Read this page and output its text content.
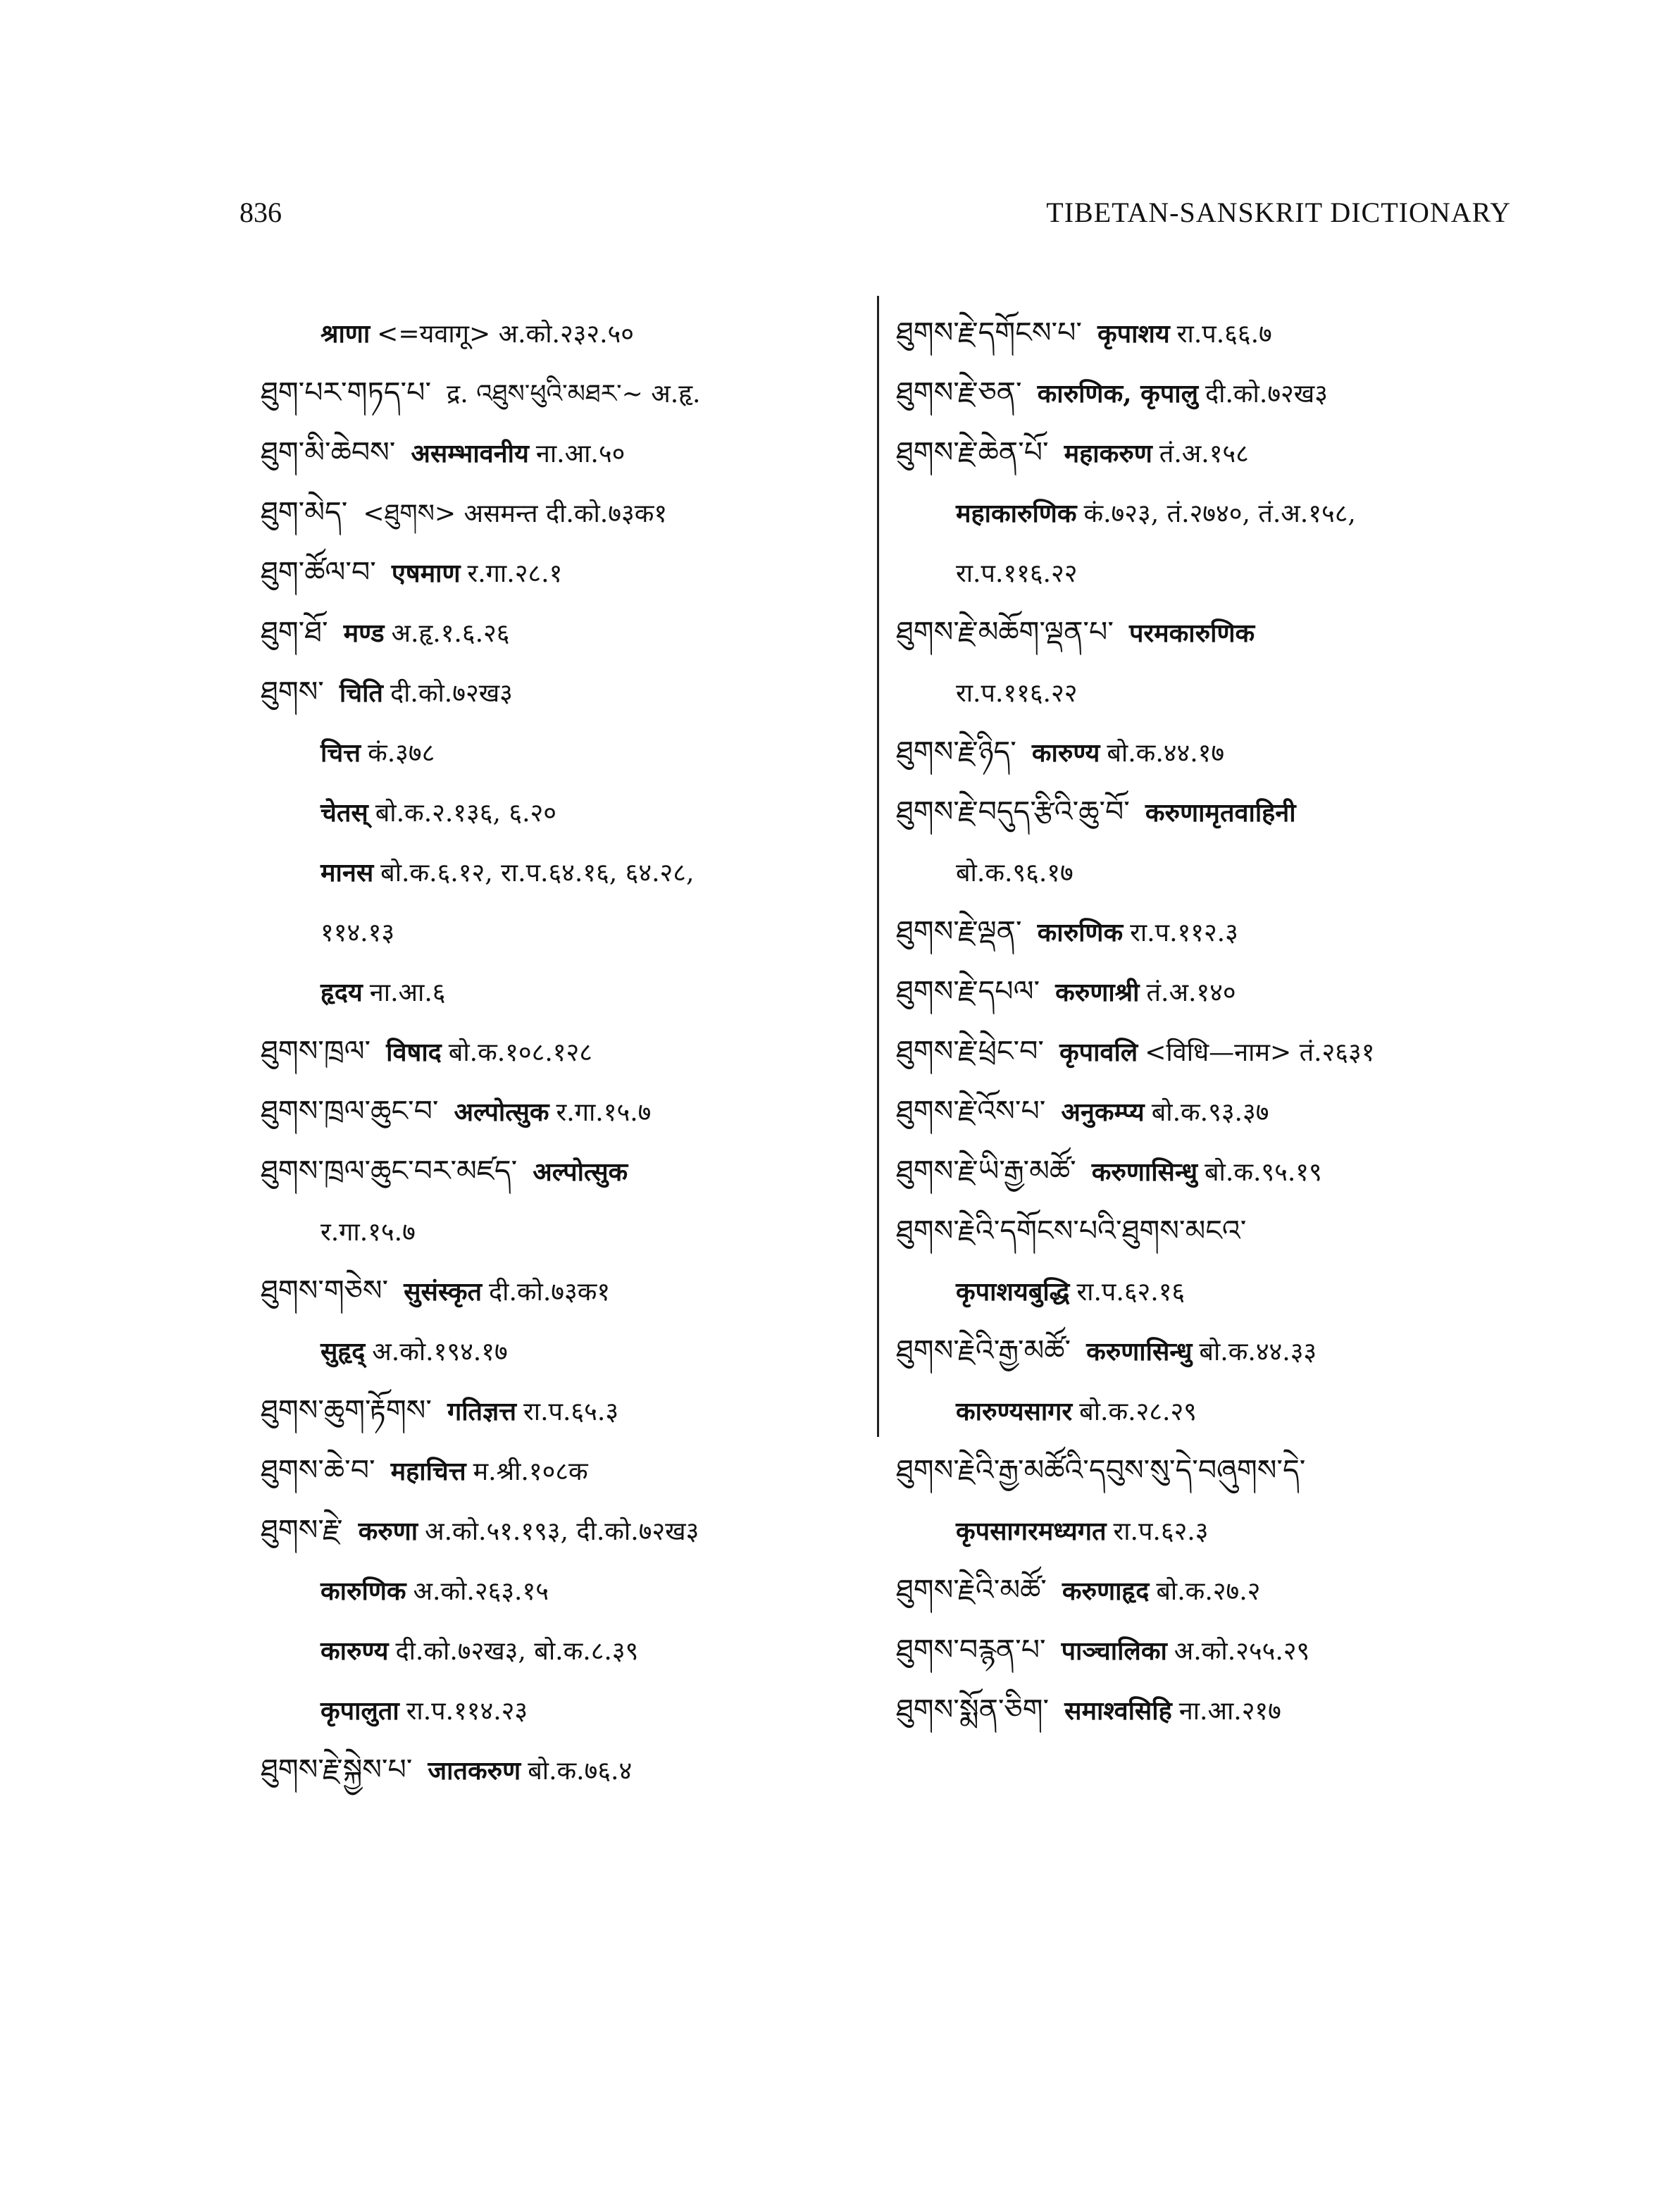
836	TIBETAN-SANSKRIT DICTIONARY
श्राणा <=यवागू> अ.को.२३२.५०
ཐུག་པར་གཏད་པ་ द्र. འཐུས་ཕུའི་མཐར་~ अ.हृ.
ཐུག་མི་ཆེབས་ असम्भावनीय ना.आ.५०
ཐུག་མེད་ <ཐུགས> असमन्त दी.को.७३क१
ཐུག་ཚོལ་བ་ एषमाण र.गा.२८.१
ཐུག་ཐོ་ मण्ड अ.हृ.१.६.२६
ཐུགས་ चिति दी.को.७२ख३
चित्त कं.३७८
चेतस् बो.क.२.१३६, ६.२०
मानस बो.क.६.१२, रा.प.६४.१६, ६४.२८,
११४.१३
हृदय ना.आ.६
ཐུགས་ཁྲལ་ विषाद बो.क.१०८.१२८
ཐུགས་ཁྲལ་ཆུང་བ་ अल्पोत्सुक र.गा.१५.७
ཐུགས་ཁྲལ་ཆུང་བར་མཛད་ अल्पोत्सुक
र.गा.१५.७
ཐུགས་གཅེས་ सुसंस्कृत दी.को.७३क१
सुहृद् अ.को.१९४.१७
ཐུགས་ཆུག་རྟོགས་ गतिज्ञत्त रा.प.६५.३
ཐུགས་ཆེ་བ་ महाचित्त म.श्री.१०८क
ཐུགས་རྗེ་ करुणा अ.को.५१.१९३, दी.को.७२ख३
कारुणिक अ.को.२६३.१५
कारुण्य दी.को.७२ख३, बो.क.८.३९
कृपालुता रा.प.११४.२३
ཐུགས་རྗེ་སྐྱེས་པ་ जातकरुण बो.क.७६.४
ཐུགས་རྗེ་དགོངས་པ་ कृपाशय रा.प.६६.७
ཐུགས་རྗེ་ཅན་ कारुणिक, कृपालु दी.को.७२ख३
ཐུགས་རྗེ་ཆེན་པོ་ महाकरुण तं.अ.१५८
महाकारुणिक कं.७२३, तं.२७४०, तं.अ.१५८,
रा.प.११६.२२
ཐུགས་རྗེ་མཆོག་ལྡན་པ་ परमकारुणिक
रा.प.११६.२२
ཐུགས་རྗེ་ཉིད་ कारुण्य बो.क.४४.१७
ཐུགས་རྗེ་བདུད་རྩིའི་ཆུ་བོ་ करुणामृतवाहिनी
बो.क.९६.१७
ཐུགས་རྗེ་ལྡན་ कारुणिक रा.प.११२.३
ཐུགས་རྗེ་དཔལ་ करुणाश्री तं.अ.१४०
ཐུགས་རྗེ་ཕྲེང་བ་ कृपावलि <विधि—नाम> तं.२६३१
ཐུགས་རྗེ་འོས་པ་ अनुकम्प्य बो.क.९३.३७
ཐུགས་རྗེ་ཡི་རྒྱ་མཚོ་ करुणासिन्धु बो.क.९५.१९
ཐུགས་རྗེའི་དགོངས་པའི་ཐུགས་མངའ་
कृपाशयबुद्धि रा.प.६२.१६
ཐུགས་རྗེའི་རྒྱ་མཚོ་ करुणासिन्धु बो.क.४४.३३
कारुण्यसागर बो.क.२८.२९
ཐུགས་རྗེའི་རྒྱ་མཚོའི་དབུས་སུ་དེ་བཞུགས་དེ་
कृपसागरमध्यगत रा.प.६२.३
ཐུགས་རྗེའི་མཚོ་ करुणाहृद बो.क.२७.२
ཐུགས་བརྙན་པ་ पाञ्चालिका अ.को.२५५.२९
ཐུགས་སྨོན་ཅིག་ समाश्वसिहि ना.आ.२१७
